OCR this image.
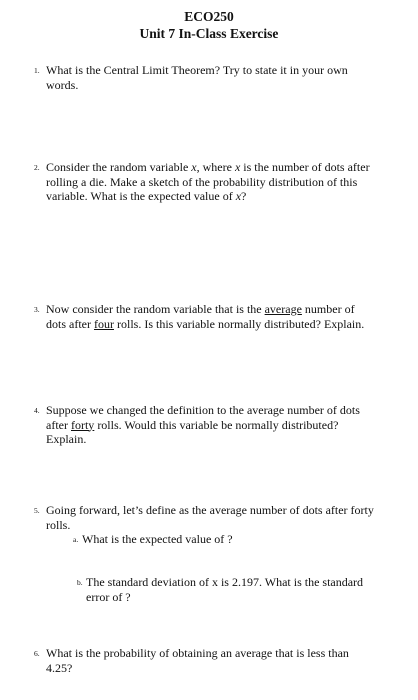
ECO250
Unit 7 In-Class Exercise
1. What is the Central Limit Theorem? Try to state it in your own words.
2. Consider the random variable x, where x is the number of dots after rolling a die. Make a sketch of the probability distribution of this variable. What is the expected value of x?
3. Now consider the random variable that is the average number of dots after four rolls. Is this variable normally distributed? Explain.
4. Suppose we changed the definition to the average number of dots after forty rolls. Would this variable be normally distributed? Explain.
5. Going forward, let’s define as the average number of dots after forty rolls.
a. What is the expected value of ?
b. The standard deviation of x is 2.197. What is the standard error of ?
6. What is the probability of obtaining an average that is less than 4.25?
